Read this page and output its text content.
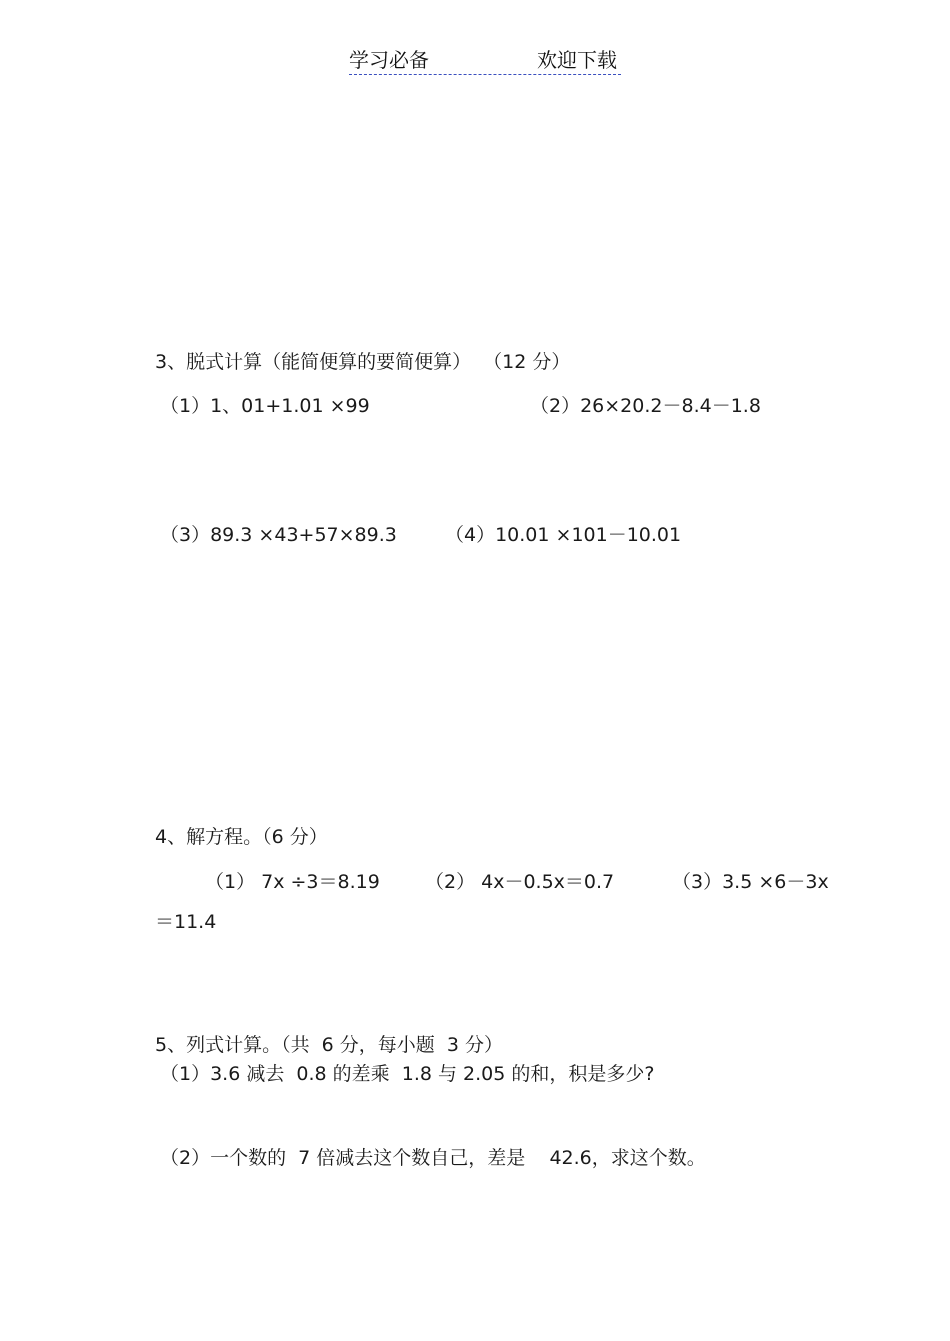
学习必备	欢迎下载
3、脱式计算（能简便算的要简便算）  （12 分）
（1）1、01+1.01 ×99	（2）26×20.2－8.4－1.8
（3）89.3 ×43+57×89.3	（4）10.01 ×101－10.01
4、解方程。（6 分）
（1） 7x ÷3＝8.19 （2） 4x－0.5x＝0.7	（3）3.5 ×6－3x
＝11.4
5、列式计算。（共  6 分，每小题  3 分）
（1）3.6 减去  0.8 的差乘  1.8 与 2.05 的和，积是多少?
（2）一个数的  7 倍减去这个数自己，差是    42.6，求这个数。
